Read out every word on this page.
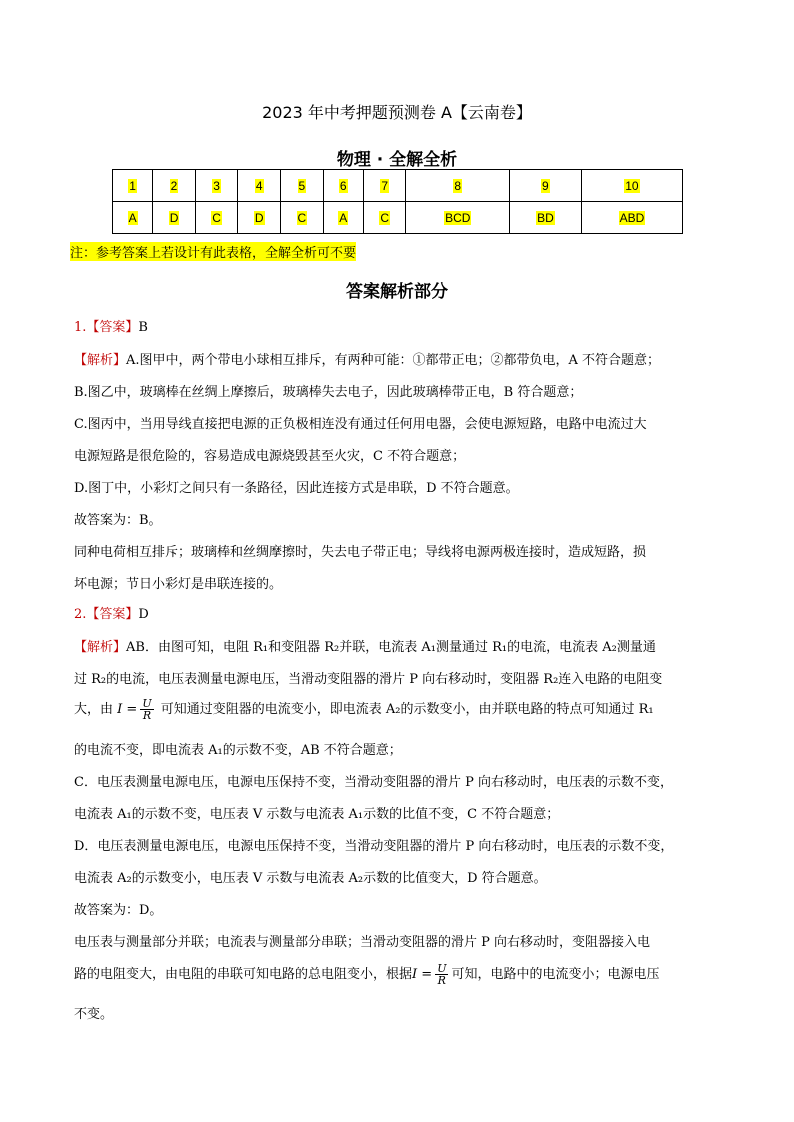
2023 年中考押题预测卷 A【云南卷】
物理 · 全解全析
1	2	3	4	5	6	7	8	9	10
A	D	C	D	C	A	C	BCD	BD	ABD
注：参考答案上若设计有此表格，全解全析可不要
答案解析部分
1.【答案】B
【解析】A.图甲中，两个带电小球相互排斥，有两种可能：①都带正电；②都带负电，A 不符合题意；
B.图乙中，玻璃棒在丝绸上摩擦后，玻璃棒失去电子，因此玻璃棒带正电，B 符合题意；
C.图丙中，当用导线直接把电源的正负极相连没有通过任何用电器，会使电源短路，电路中电流过大
电源短路是很危险的，容易造成电源烧毁甚至火灾，C 不符合题意；
D.图丁中，小彩灯之间只有一条路径，因此连接方式是串联，D 不符合题意。
故答案为：B。
同种电荷相互排斥；玻璃棒和丝绸摩擦时，失去电子带正电；导线将电源两极连接时，造成短路，损
坏电源；节日小彩灯是串联连接的。
2.【答案】D
【解析】AB．由图可知，电阻 R₁和变阻器 R₂并联，电流表 A₁测量通过 R₁的电流，电流表 A₂测量通
过 R₂的电流，电压表测量电源电压，当滑动变阻器的滑片 P 向右移动时，变阻器 R₂连入电路的电阻变
大，由 $I = \frac{U}{R}$ 可知通过变阻器的电流变小，即电流表 A₂的示数变小，由并联电路的特点可知通过 R₁
的电流不变，即电流表 A₁的示数不变，AB 不符合题意；
C．电压表测量电源电压，电源电压保持不变，当滑动变阻器的滑片 P 向右移动时，电压表的示数不变，
电流表 A₁的示数不变，电压表 V 示数与电流表 A₁示数的比值不变，C 不符合题意；
D．电压表测量电源电压，电源电压保持不变，当滑动变阻器的滑片 P 向右移动时，电压表的示数不变，
电流表 A₂的示数变小，电压表 V 示数与电流表 A₂示数的比值变大，D 符合题意。
故答案为：D。
电压表与测量部分并联；电流表与测量部分串联；当滑动变阻器的滑片 P 向右移动时，变阻器接入电
路的电阻变大，由电阻的串联可知电路的总电阻变小，根据$I = \frac{U}{R}$ 可知，电路中的电流变小；电源电压
不变。
